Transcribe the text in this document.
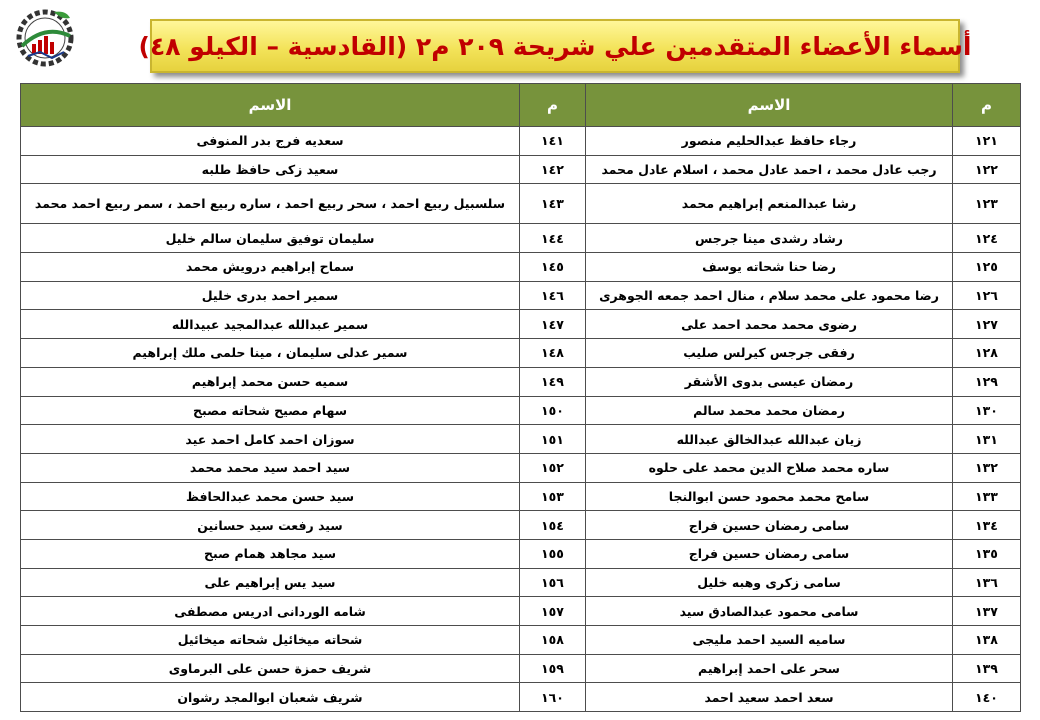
أسماء الأعضاء المتقدمين علي شريحة ٢٠٩ م٢ (القادسية – الكيلو ٤٨)
م	الاسم	م	الاسم
١٢١	رجاء حافظ عبدالحليم منصور	١٤١	سعديه فرج بدر المنوفى
١٢٢	رجب عادل محمد ، احمد عادل محمد ، اسلام عادل محمد	١٤٢	سعيد زكى حافظ طلبه
١٢٣	رشا عبدالمنعم إبراهيم محمد	١٤٣	سلسبيل ربيع احمد ، سحر ربيع احمد ، ساره ربيع احمد ، سمر ربيع احمد محمد
١٢٤	رشاد رشدى مينا جرجس	١٤٤	سليمان توفيق سليمان سالم خليل
١٢٥	رضا حنا شحاته يوسف	١٤٥	سماح إبراهيم درويش محمد
١٢٦	رضا محمود على محمد سلام ، منال احمد جمعه الجوهرى	١٤٦	سمير احمد بدرى خليل
١٢٧	رضوى محمد محمد احمد على	١٤٧	سمير عبدالله عبدالمجيد عبيدالله
١٢٨	رفقى جرجس كيرلس صليب	١٤٨	سمير عدلى سليمان ، مينا حلمى ملك إبراهيم
١٢٩	رمضان عيسى بدوى الأشقر	١٤٩	سميه حسن محمد إبراهيم
١٣٠	رمضان محمد محمد سالم	١٥٠	سهام مصيح شحاته مصبح
١٣١	زيان عبدالله عبدالخالق عبدالله	١٥١	سوزان احمد كامل احمد عيد
١٣٢	ساره محمد صلاح الدين محمد على حلوه	١٥٢	سيد احمد سيد محمد محمد
١٣٣	سامح محمد محمود حسن ابوالنجا	١٥٣	سيد حسن محمد عبدالحافظ
١٣٤	سامى رمضان حسين فراج	١٥٤	سيد رفعت سيد حسانين
١٣٥	سامى رمضان حسين فراج	١٥٥	سيد مجاهد همام صبح
١٣٦	سامى زكرى وهبه خليل	١٥٦	سيد يس إبراهيم على
١٣٧	سامى محمود عبدالصادق سيد	١٥٧	شامه الوردانى ادريس مصطفى
١٣٨	ساميه السيد احمد مليجى	١٥٨	شحاته ميخائيل شحاته ميخائيل
١٣٩	سحر على احمد إبراهيم	١٥٩	شريف حمزة حسن على البرماوى
١٤٠	سعد احمد سعيد احمد	١٦٠	شريف شعبان ابوالمجد رشوان
